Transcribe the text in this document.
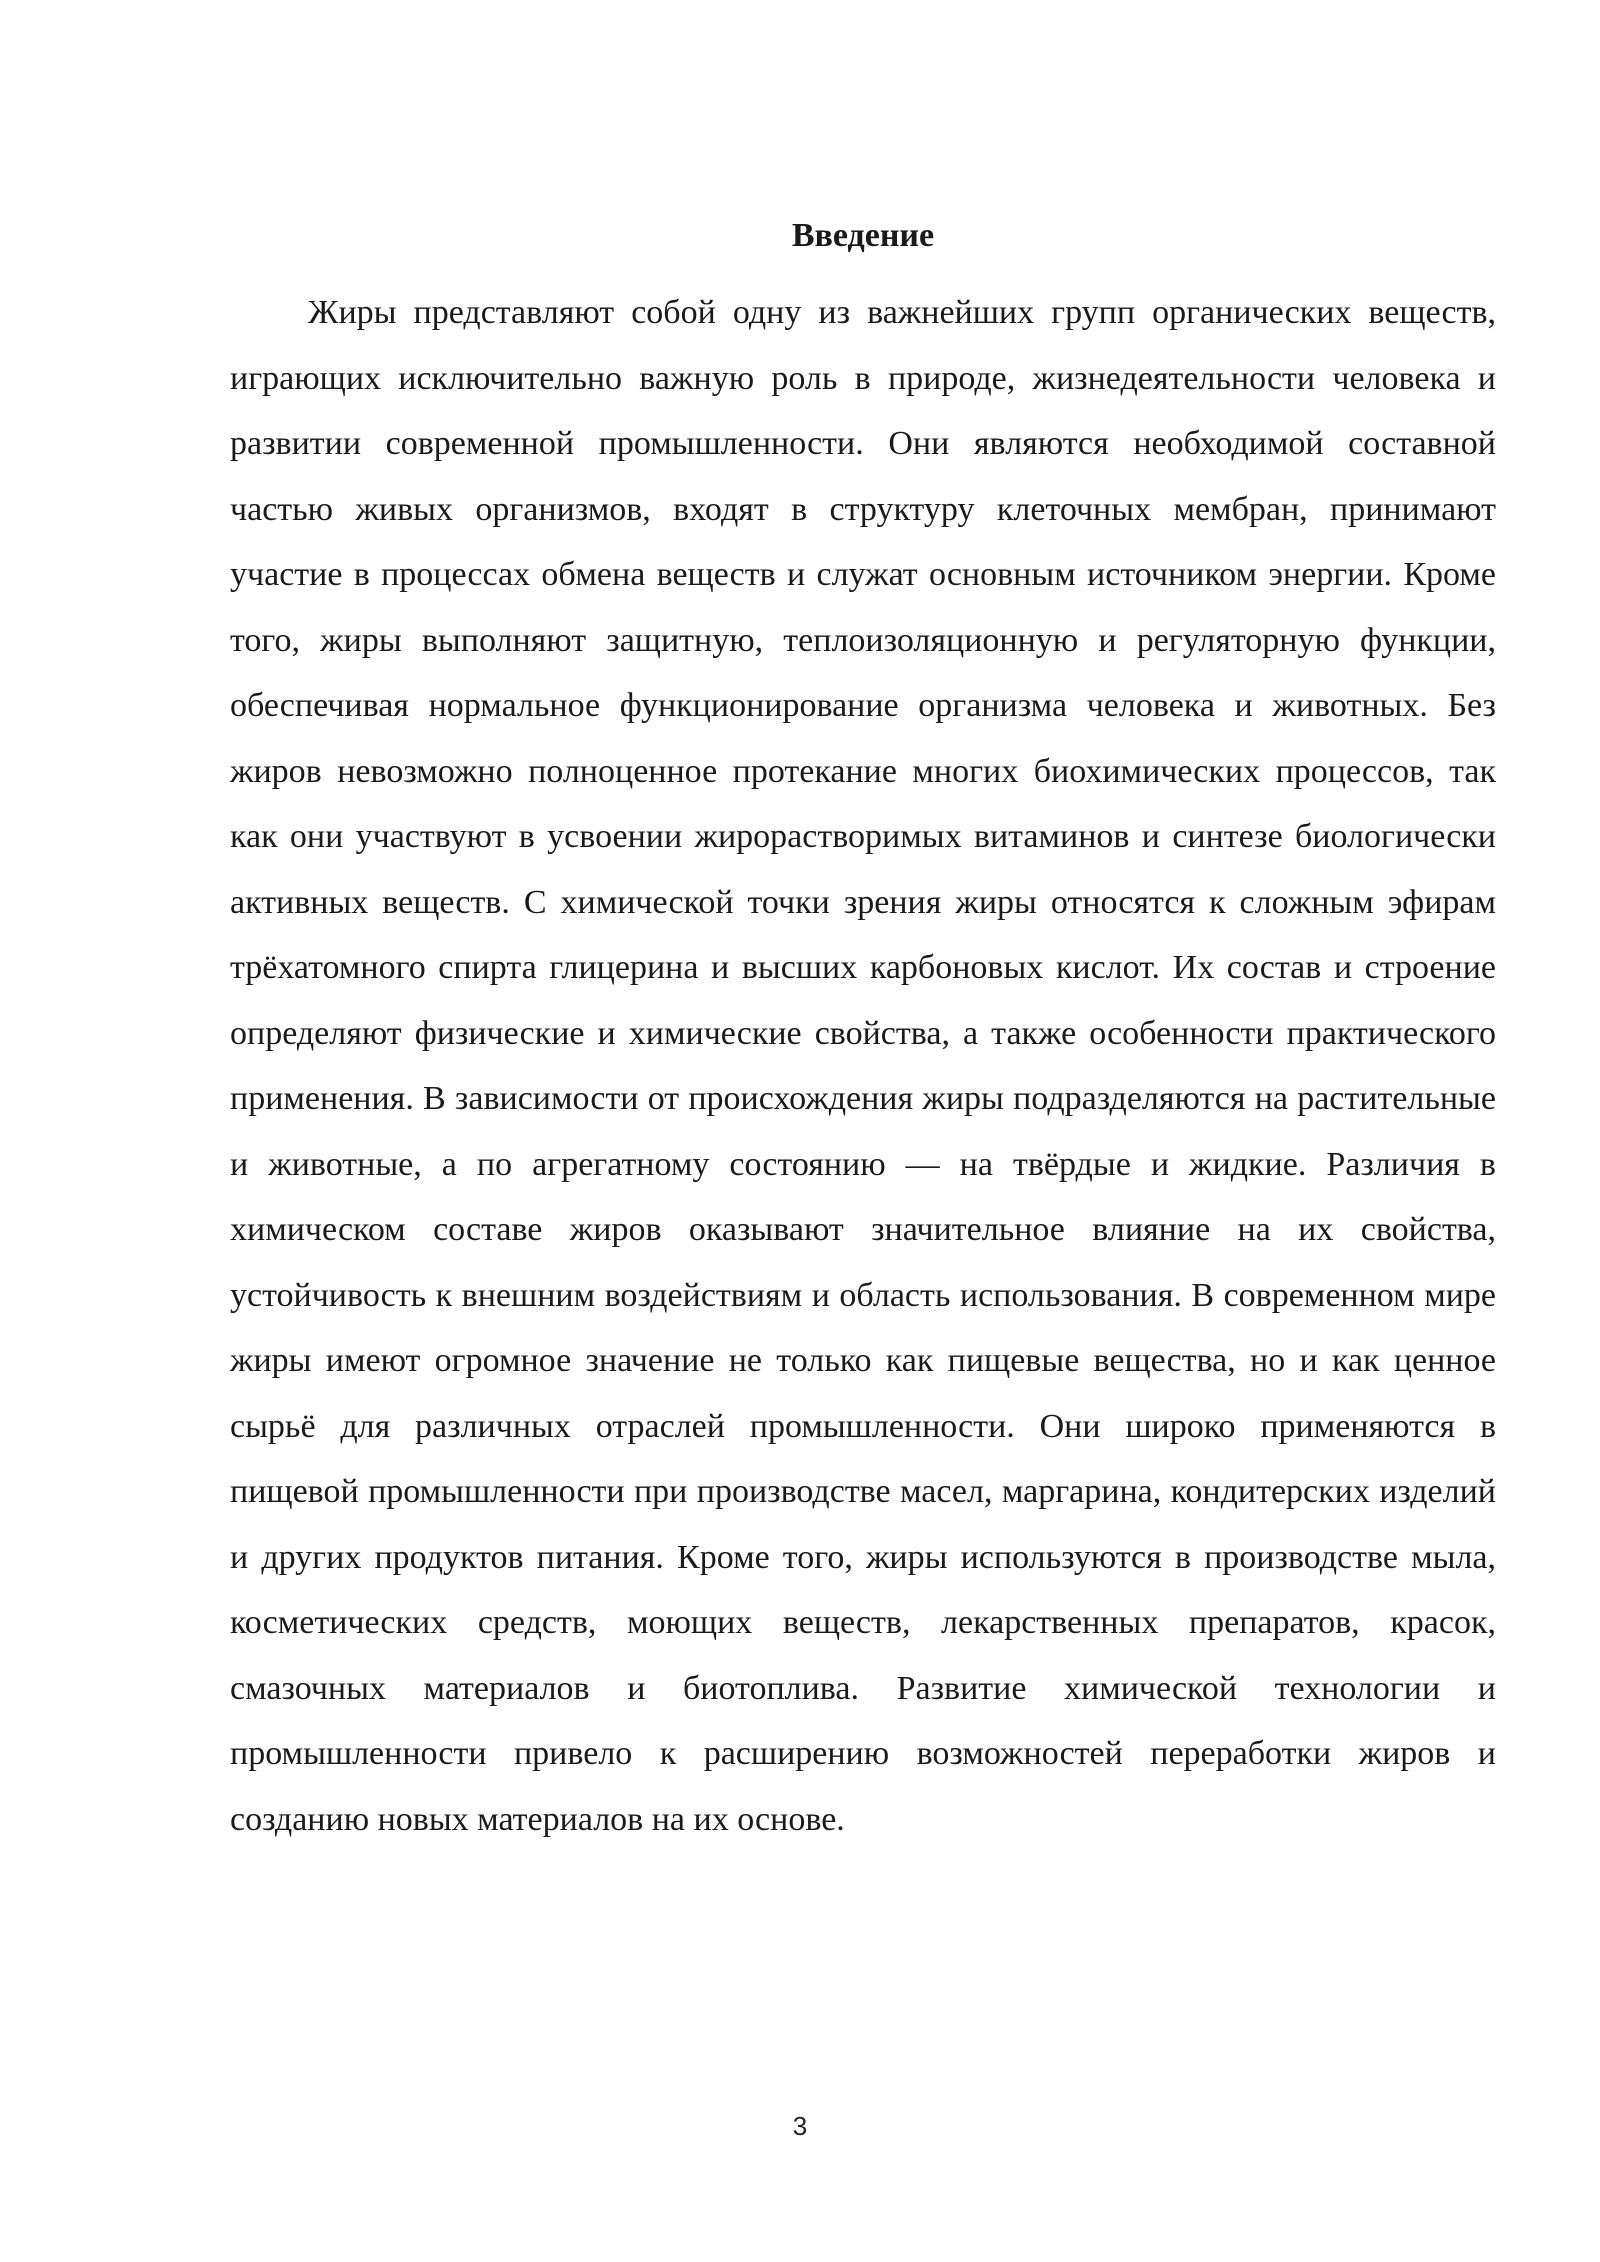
Введение

Жиры представляют собой одну из важнейших групп органических веществ, играющих исключительно важную роль в природе, жизнедеятельности человека и развитии современной промышленности. Они являются необходимой составной частью живых организмов, входят в структуру клеточных мембран, принимают участие в процессах обмена веществ и служат основным источником энергии. Кроме того, жиры выполняют защитную, теплоизоляционную и регуляторную функции, обеспечивая нормальное функционирование организма человека и животных. Без жиров невозможно полноценное протекание многих биохимических процессов, так как они участвуют в усвоении жирорастворимых витаминов и синтезе биологически активных веществ. С химической точки зрения жиры относятся к сложным эфирам трёхатомного спирта глицерина и высших карбоновых кислот. Их состав и строение определяют физические и химические свойства, а также особенности практического применения. В зависимости от происхождения жиры подразделяются на растительные и животные, а по агрегатному состоянию — на твёрдые и жидкие. Различия в химическом составе жиров оказывают значительное влияние на их свойства, устойчивость к внешним воздействиям и область использования. В современном мире жиры имеют огромное значение не только как пищевые вещества, но и как ценное сырьё для различных отраслей промышленности. Они широко применяются в пищевой промышленности при производстве масел, маргарина, кондитерских изделий и других продуктов питания. Кроме того, жиры используются в производстве мыла, косметических средств, моющих веществ, лекарственных препаратов, красок, смазочных материалов и биотоплива. Развитие химической технологии и промышленности привело к расширению возможностей переработки жиров и созданию новых материалов на их основе.

3
